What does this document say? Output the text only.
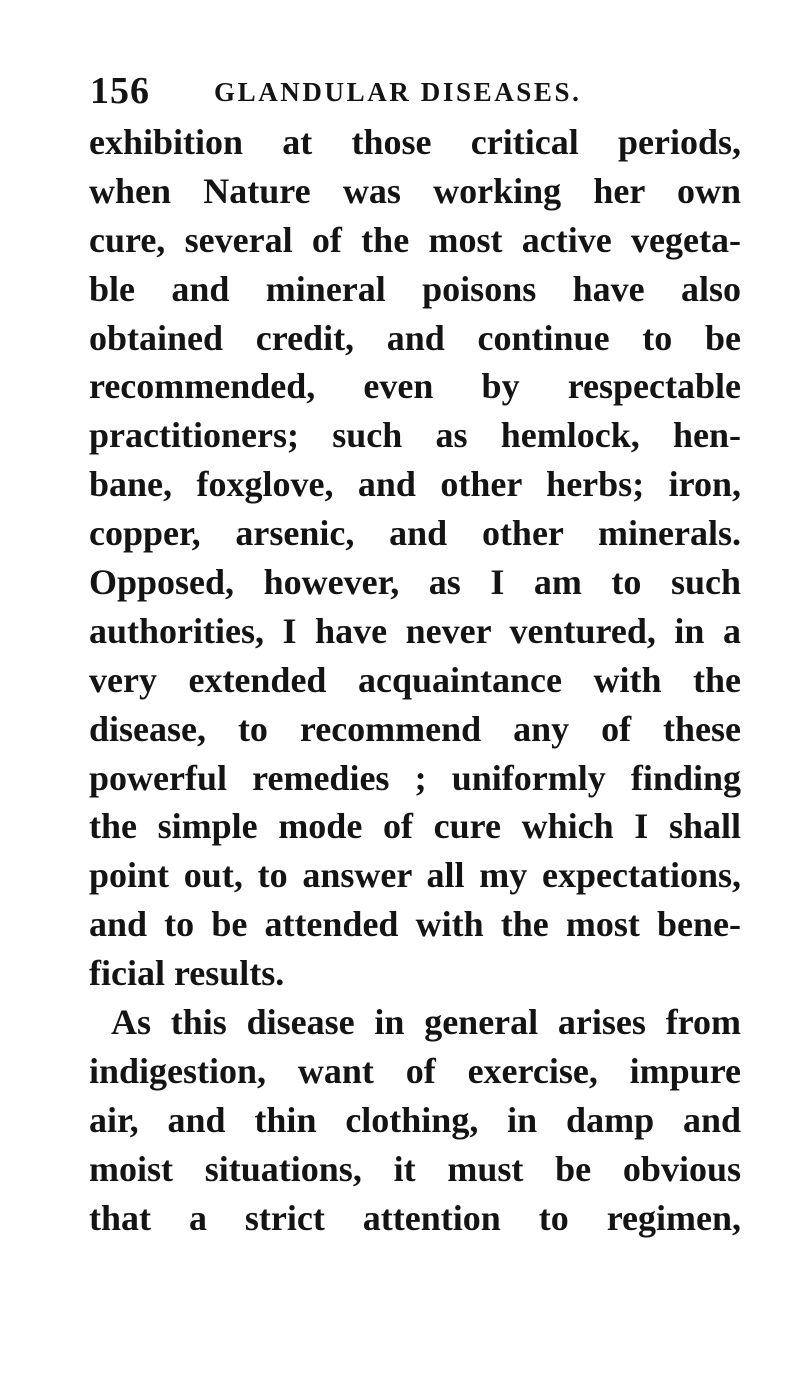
156 GLANDULAR DISEASES.
exhibition at those critical periods,
when Nature was working her own
cure, several of the most active vegeta-
ble and mineral poisons have also
obtained credit, and continue to be
recommended, even by respectable
practitioners; such as hemlock, hen-
bane, foxglove, and other herbs; iron,
copper, arsenic, and other minerals.
Opposed, however, as I am to such
authorities, I have never ventured, in a
very extended acquaintance with the
disease, to recommend any of these
powerful remedies ; uniformly finding
the simple mode of cure which I shall
point out, to answer all my expectations,
and to be attended with the most bene-
ficial results.
As this disease in general arises from
indigestion, want of exercise, impure
air, and thin clothing, in damp and
moist situations, it must be obvious
that a strict attention to regimen,
